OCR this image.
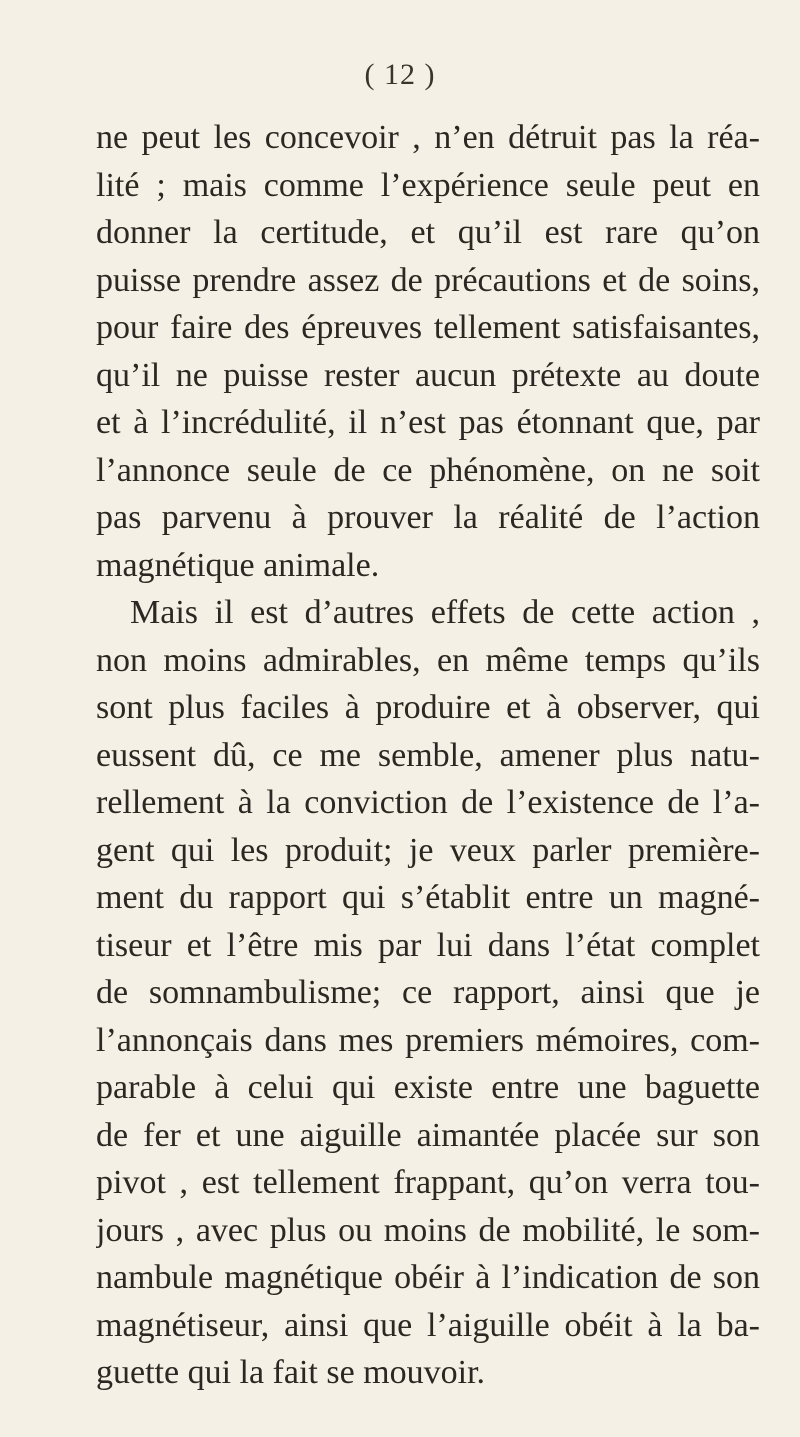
( 12 )
ne peut les concevoir , n’en détruit pas la réa-
lité ; mais comme l’expérience seule peut en
donner la certitude, et qu’il est rare qu’on
puisse prendre assez de précautions et de soins,
pour faire des épreuves tellement satisfaisantes,
qu’il ne puisse rester aucun prétexte au doute
et à l’incrédulité, il n’est pas étonnant que, par
l’annonce seule de ce phénomène, on ne soit
pas parvenu à prouver la réalité de l’action
magnétique animale.
Mais il est d’autres effets de cette action ,
non moins admirables, en même temps qu’ils
sont plus faciles à produire et à observer, qui
eussent dû, ce me semble, amener plus natu-
rellement à la conviction de l’existence de l’a-
gent qui les produit; je veux parler première-
ment du rapport qui s’établit entre un magné-
tiseur et l’être mis par lui dans l’état complet
de somnambulisme; ce rapport, ainsi que je
l’annonçais dans mes premiers mémoires, com-
parable à celui qui existe entre une baguette
de fer et une aiguille aimantée placée sur son
pivot , est tellement frappant, qu’on verra tou-
jours , avec plus ou moins de mobilité, le som-
nambule magnétique obéir à l’indication de son
magnétiseur, ainsi que l’aiguille obéit à la ba-
guette qui la fait se mouvoir.
